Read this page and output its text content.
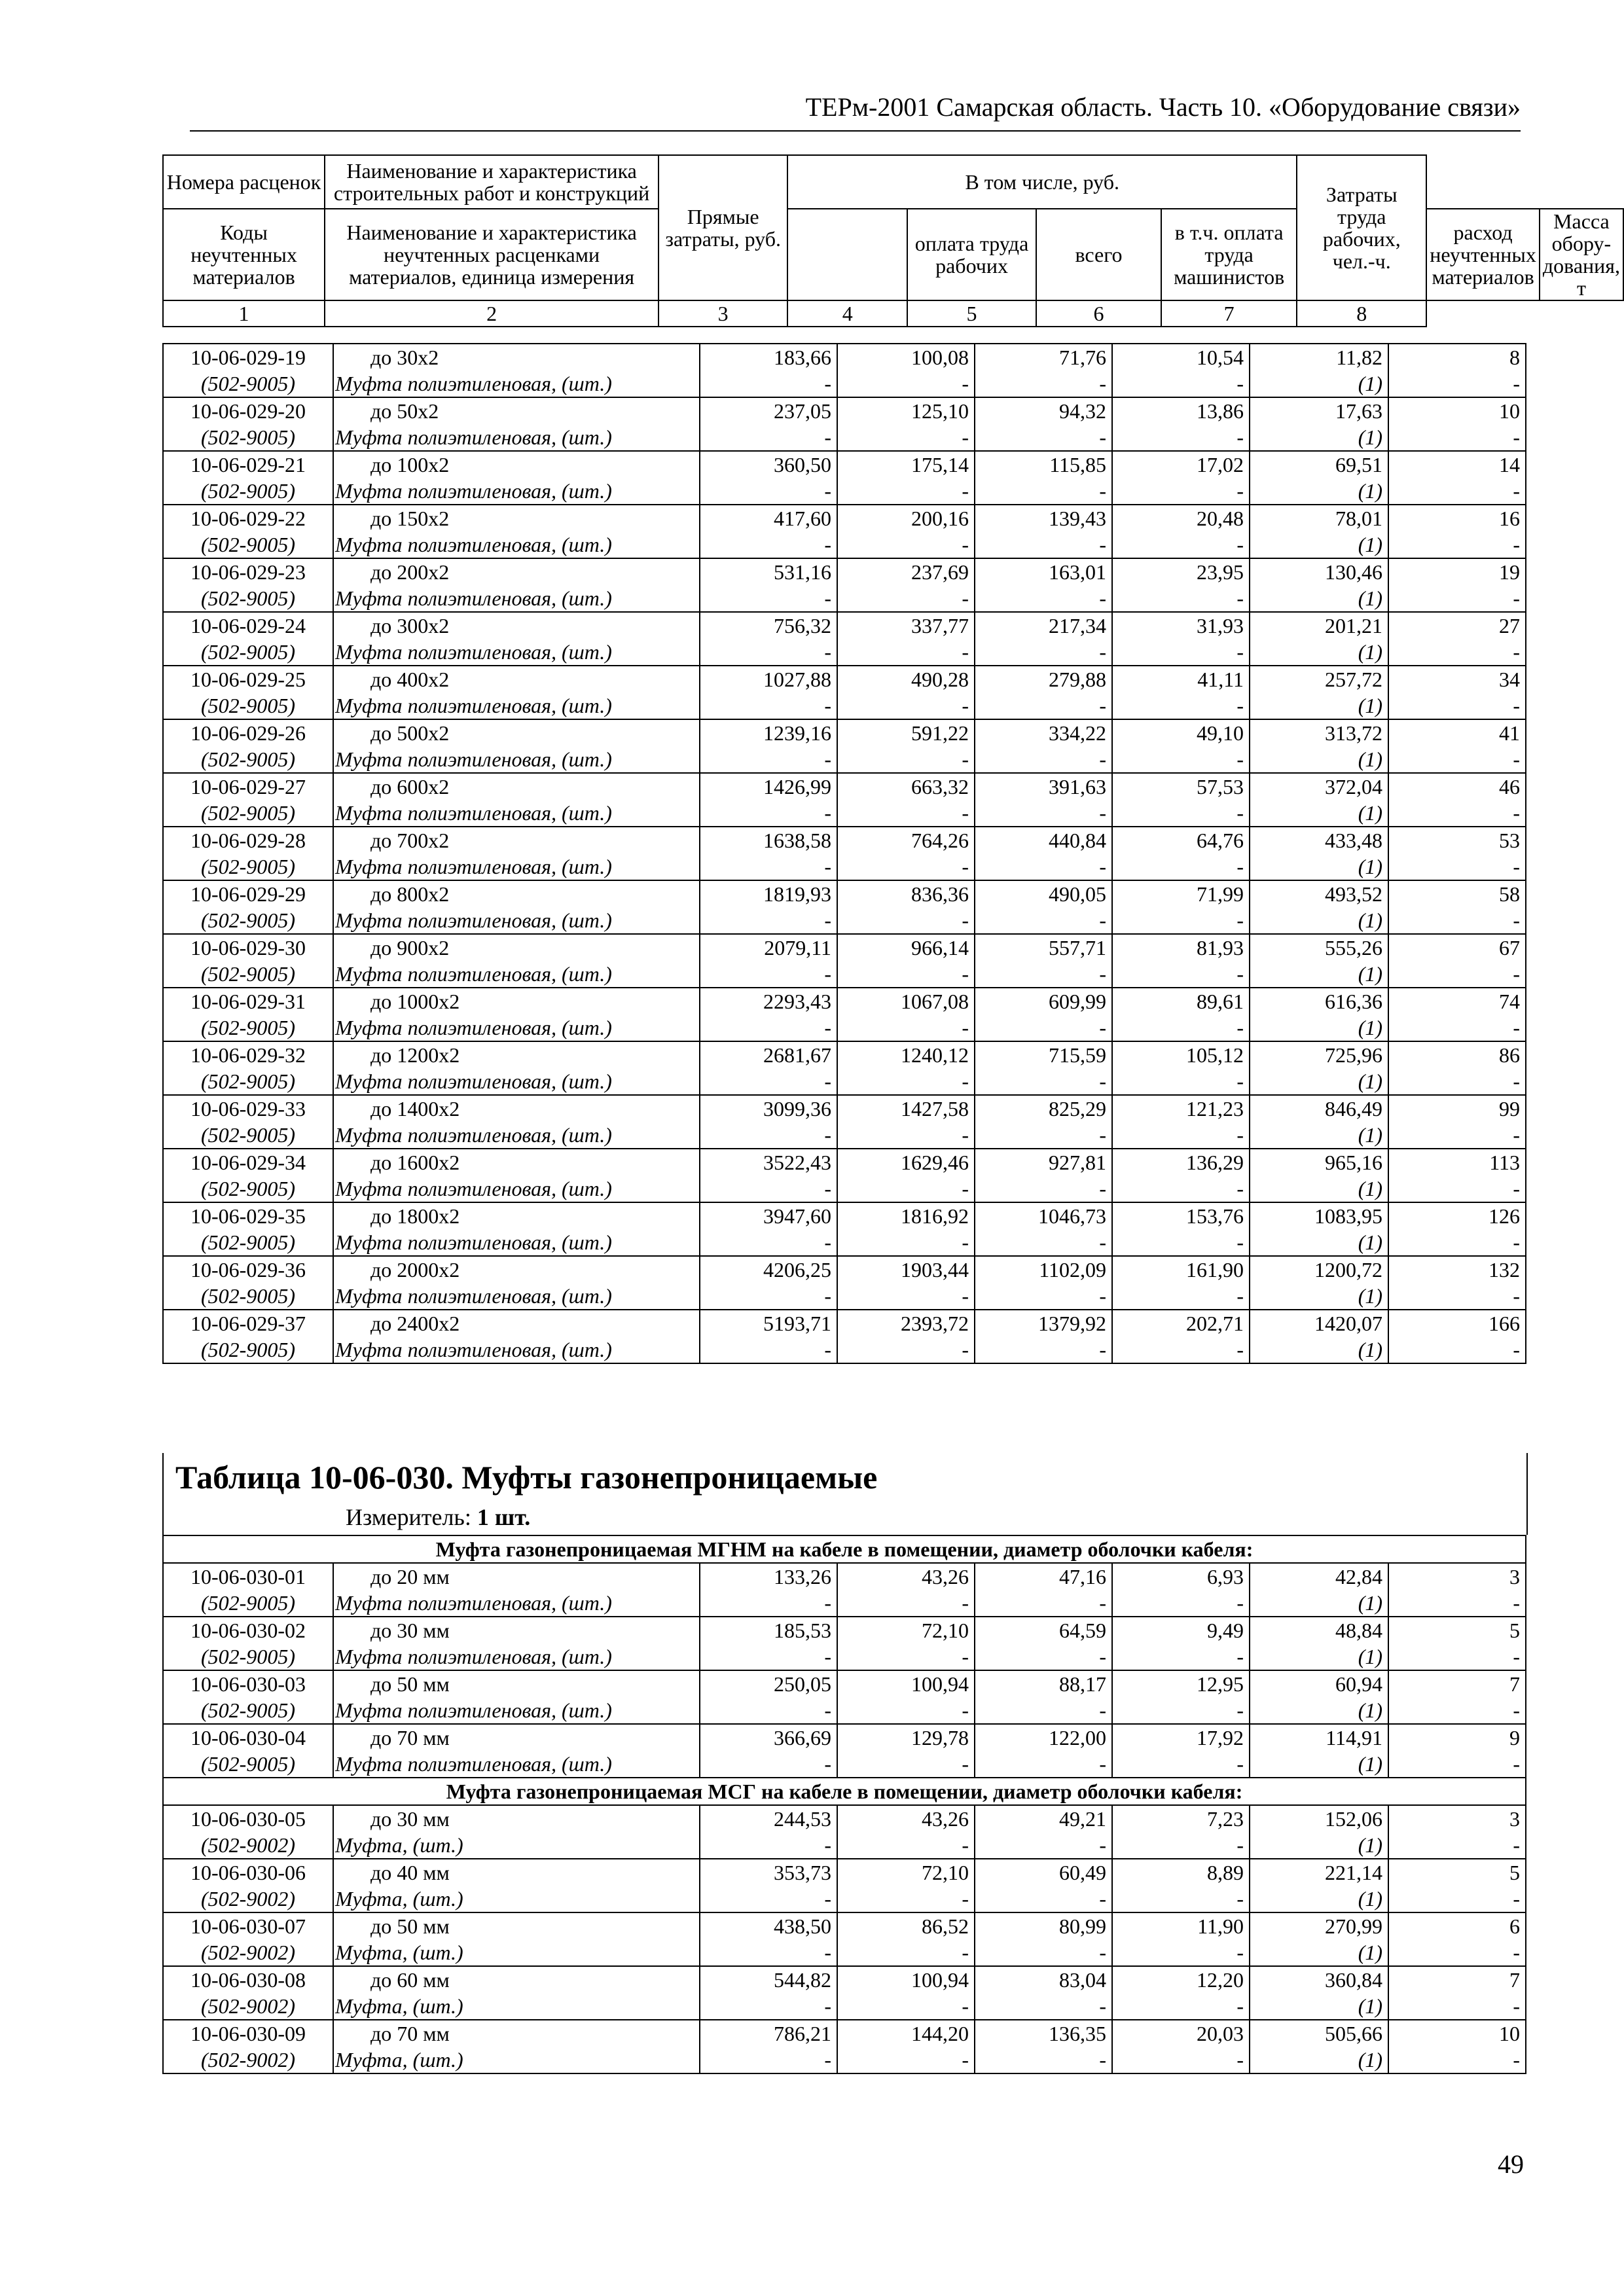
ТЕРм-2001 Самарская область. Часть 10. «Оборудование связи»
Номера расценок	Наименование и характеристика строительных работ и конструкций	Прямые затраты, руб.	В том числе, руб.				Затраты труда рабочих, чел.-ч.		
Коды неучтенных материалов	Наименование и характеристика неучтенных расценками материалов, единица измерения			оплата труда рабочих	всего	в т.ч. оплата труда машинистов		расход неучтенных материалов	Масса обору-дования, т
1	2	3	4	5	6	7	8		
10-06-029-19	до 30х2	183,66	100,08	71,76	10,54	11,82	8
(502-9005)	Муфта полиэтиленовая, (шт.)	-	-	-	-	(1)	-
10-06-029-20	до 50х2	237,05	125,10	94,32	13,86	17,63	10
(502-9005)	Муфта полиэтиленовая, (шт.)	-	-	-	-	(1)	-
10-06-029-21	до 100х2	360,50	175,14	115,85	17,02	69,51	14
(502-9005)	Муфта полиэтиленовая, (шт.)	-	-	-	-	(1)	-
10-06-029-22	до 150х2	417,60	200,16	139,43	20,48	78,01	16
(502-9005)	Муфта полиэтиленовая, (шт.)	-	-	-	-	(1)	-
10-06-029-23	до 200х2	531,16	237,69	163,01	23,95	130,46	19
(502-9005)	Муфта полиэтиленовая, (шт.)	-	-	-	-	(1)	-
10-06-029-24	до 300х2	756,32	337,77	217,34	31,93	201,21	27
(502-9005)	Муфта полиэтиленовая, (шт.)	-	-	-	-	(1)	-
10-06-029-25	до 400х2	1027,88	490,28	279,88	41,11	257,72	34
(502-9005)	Муфта полиэтиленовая, (шт.)	-	-	-	-	(1)	-
10-06-029-26	до 500х2	1239,16	591,22	334,22	49,10	313,72	41
(502-9005)	Муфта полиэтиленовая, (шт.)	-	-	-	-	(1)	-
10-06-029-27	до 600х2	1426,99	663,32	391,63	57,53	372,04	46
(502-9005)	Муфта полиэтиленовая, (шт.)	-	-	-	-	(1)	-
10-06-029-28	до 700х2	1638,58	764,26	440,84	64,76	433,48	53
(502-9005)	Муфта полиэтиленовая, (шт.)	-	-	-	-	(1)	-
10-06-029-29	до 800х2	1819,93	836,36	490,05	71,99	493,52	58
(502-9005)	Муфта полиэтиленовая, (шт.)	-	-	-	-	(1)	-
10-06-029-30	до 900х2	2079,11	966,14	557,71	81,93	555,26	67
(502-9005)	Муфта полиэтиленовая, (шт.)	-	-	-	-	(1)	-
10-06-029-31	до 1000х2	2293,43	1067,08	609,99	89,61	616,36	74
(502-9005)	Муфта полиэтиленовая, (шт.)	-	-	-	-	(1)	-
10-06-029-32	до 1200х2	2681,67	1240,12	715,59	105,12	725,96	86
(502-9005)	Муфта полиэтиленовая, (шт.)	-	-	-	-	(1)	-
10-06-029-33	до 1400х2	3099,36	1427,58	825,29	121,23	846,49	99
(502-9005)	Муфта полиэтиленовая, (шт.)	-	-	-	-	(1)	-
10-06-029-34	до 1600х2	3522,43	1629,46	927,81	136,29	965,16	113
(502-9005)	Муфта полиэтиленовая, (шт.)	-	-	-	-	(1)	-
10-06-029-35	до 1800х2	3947,60	1816,92	1046,73	153,76	1083,95	126
(502-9005)	Муфта полиэтиленовая, (шт.)	-	-	-	-	(1)	-
10-06-029-36	до 2000х2	4206,25	1903,44	1102,09	161,90	1200,72	132
(502-9005)	Муфта полиэтиленовая, (шт.)	-	-	-	-	(1)	-
10-06-029-37	до 2400х2	5193,71	2393,72	1379,92	202,71	1420,07	166
(502-9005)	Муфта полиэтиленовая, (шт.)	-	-	-	-	(1)	-
Таблица 10-06-030. Муфты газонепроницаемые
Измеритель: 1 шт.
Муфта газонепроницаемая МГНМ на кабеле в помещении, диаметр оболочки кабеля:							
10-06-030-01	до 20 мм	133,26	43,26	47,16	6,93	42,84	3
(502-9005)	Муфта полиэтиленовая, (шт.)	-	-	-	-	(1)	-
10-06-030-02	до 30 мм	185,53	72,10	64,59	9,49	48,84	5
(502-9005)	Муфта полиэтиленовая, (шт.)	-	-	-	-	(1)	-
10-06-030-03	до 50 мм	250,05	100,94	88,17	12,95	60,94	7
(502-9005)	Муфта полиэтиленовая, (шт.)	-	-	-	-	(1)	-
10-06-030-04	до 70 мм	366,69	129,78	122,00	17,92	114,91	9
(502-9005)	Муфта полиэтиленовая, (шт.)	-	-	-	-	(1)	-
Муфта газонепроницаемая МСГ на кабеле в помещении, диаметр оболочки кабеля:							
10-06-030-05	до 30 мм	244,53	43,26	49,21	7,23	152,06	3
(502-9002)	Муфта, (шт.)	-	-	-	-	(1)	-
10-06-030-06	до 40 мм	353,73	72,10	60,49	8,89	221,14	5
(502-9002)	Муфта, (шт.)	-	-	-	-	(1)	-
10-06-030-07	до 50 мм	438,50	86,52	80,99	11,90	270,99	6
(502-9002)	Муфта, (шт.)	-	-	-	-	(1)	-
10-06-030-08	до 60 мм	544,82	100,94	83,04	12,20	360,84	7
(502-9002)	Муфта, (шт.)	-	-	-	-	(1)	-
10-06-030-09	до 70 мм	786,21	144,20	136,35	20,03	505,66	10
(502-9002)	Муфта, (шт.)	-	-	-	-	(1)	-
49
